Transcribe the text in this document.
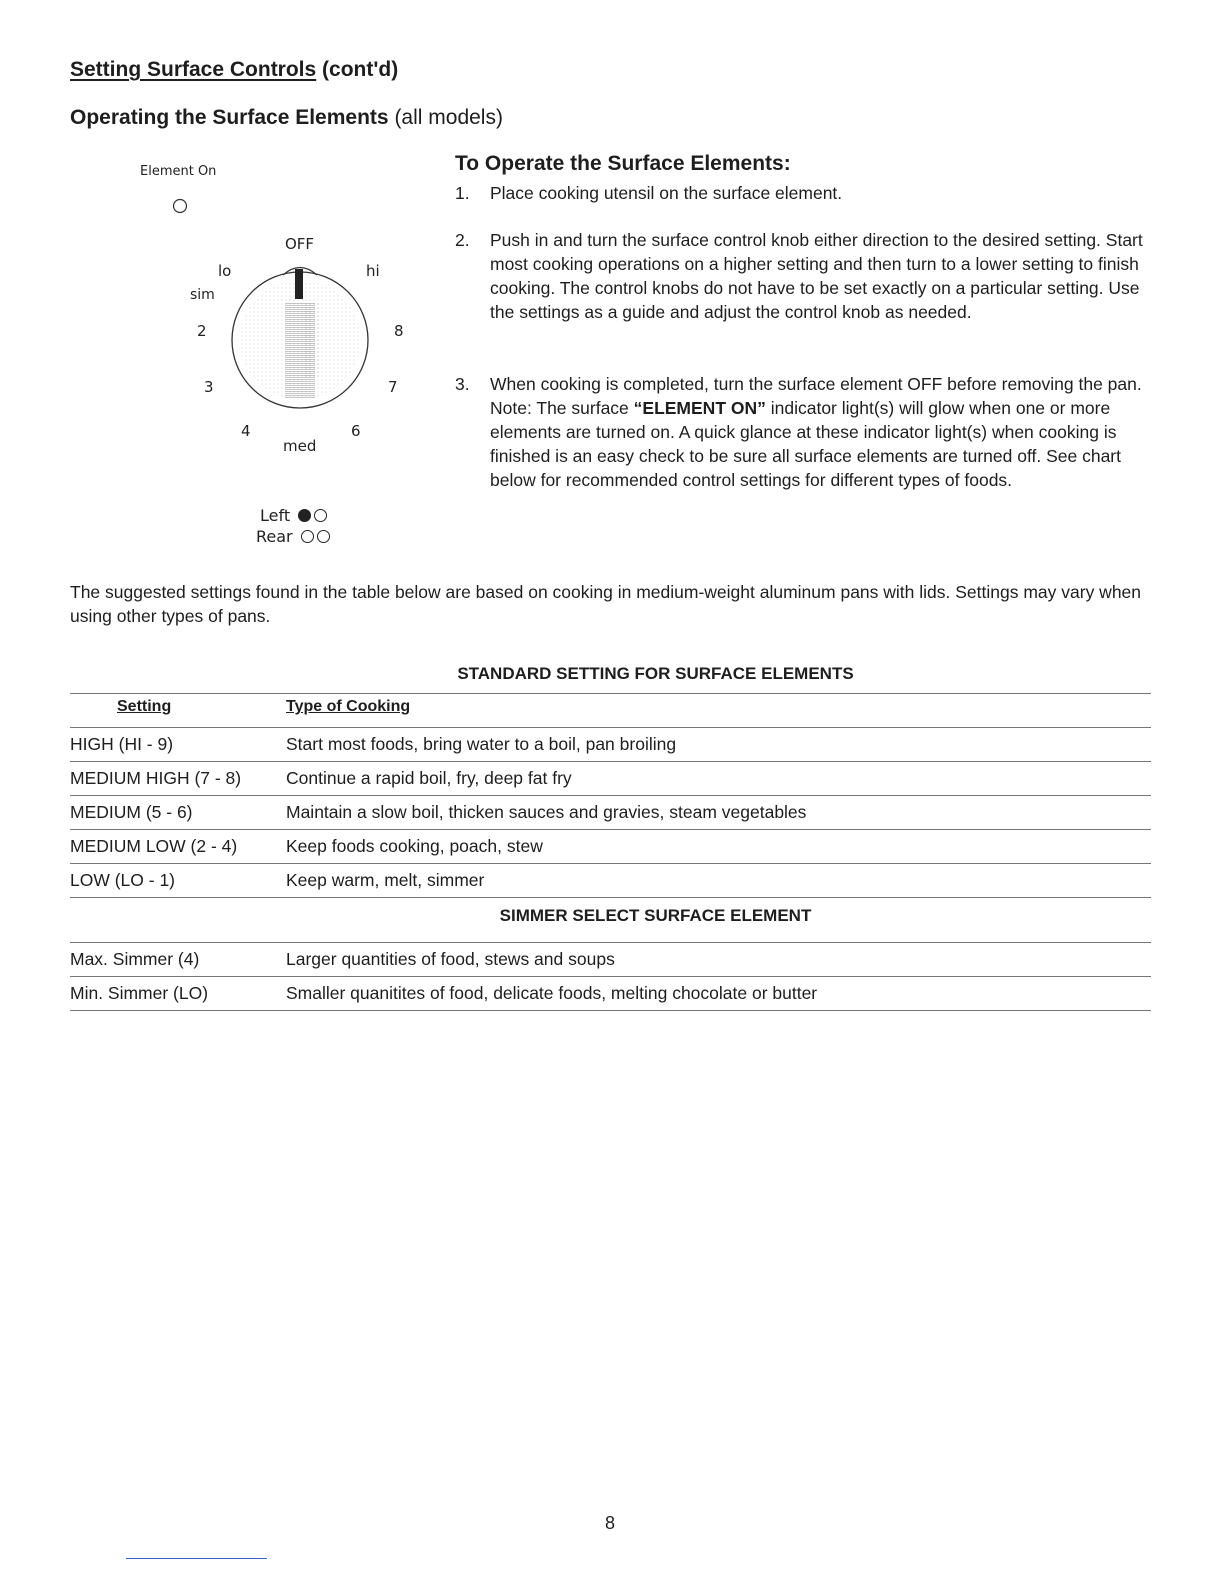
Setting Surface Controls (cont'd)
Operating the Surface Elements (all models)
Element On
OFF
lo	hi
sim
2	8
3	7
4	6
med
Left
Rear
To Operate the Surface Elements:
1. Place cooking utensil on the surface element.
2. Push in and turn the surface control knob either direction to the desired setting. Start most cooking operations on a higher setting and then turn to a lower setting to finish cooking. The control knobs do not have to be set exactly on a particular setting. Use the settings as a guide and adjust the control knob as needed.
3. When cooking is completed, turn the surface element OFF before removing the pan. Note: The surface “ELEMENT ON” indicator light(s) will glow when one or more elements are turned on. A quick glance at these indicator light(s) when cooking is finished is an easy check to be sure all surface elements are turned off. See chart below for recommended control settings for different types of foods.

The suggested settings found in the table below are based on cooking in medium-weight aluminum pans with lids. Settings may vary when using other types of pans.

STANDARD SETTING FOR SURFACE ELEMENTS
Setting	Type of Cooking
HIGH (HI - 9)	Start most foods, bring water to a boil, pan broiling
MEDIUM HIGH (7 - 8)	Continue a rapid boil, fry, deep fat fry
MEDIUM (5 - 6)	Maintain a slow boil, thicken sauces and gravies, steam vegetables
MEDIUM LOW (2 - 4)	Keep foods cooking, poach, stew
LOW (LO - 1)	Keep warm, melt, simmer
SIMMER SELECT SURFACE ELEMENT
Max. Simmer (4)	Larger quantities of food, stews and soups
Min. Simmer (LO)	Smaller quanitites of food, delicate foods, melting chocolate or butter
8
